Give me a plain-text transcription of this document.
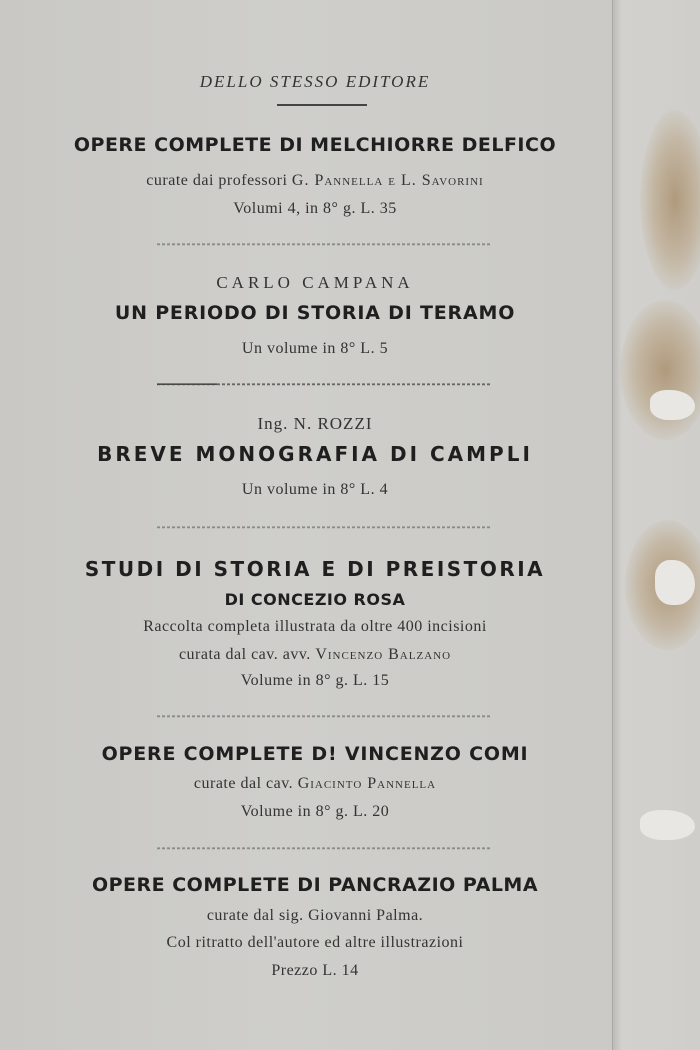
DELLO STESSO EDITORE
OPERE COMPLETE DI MELCHIORRE DELFICO
curate dai professori G. Pannella e L. Savorini
Volumi 4, in 8° g. L. 35
CARLO CAMPANA
UN PERIODO DI STORIA DI TERAMO
Un volume in 8° L. 5
Ing. N. ROZZI
BREVE MONOGRAFIA DI CAMPLI
Un volume in 8° L. 4
STUDI DI STORIA E DI PREISTORIA
DI CONCEZIO ROSA
Raccolta completa illustrata da oltre 400 incisioni
curata dal cav. avv. Vincenzo Balzano
Volume in 8° g. L. 15
OPERE COMPLETE D! VINCENZO COMI
curate dal cav. Giacinto Pannella
Volume in 8° g. L. 20
OPERE COMPLETE DI PANCRAZIO PALMA
curate dal sig. Giovanni Palma.
Col ritratto dell'autore ed altre illustrazioni
Prezzo L. 14
